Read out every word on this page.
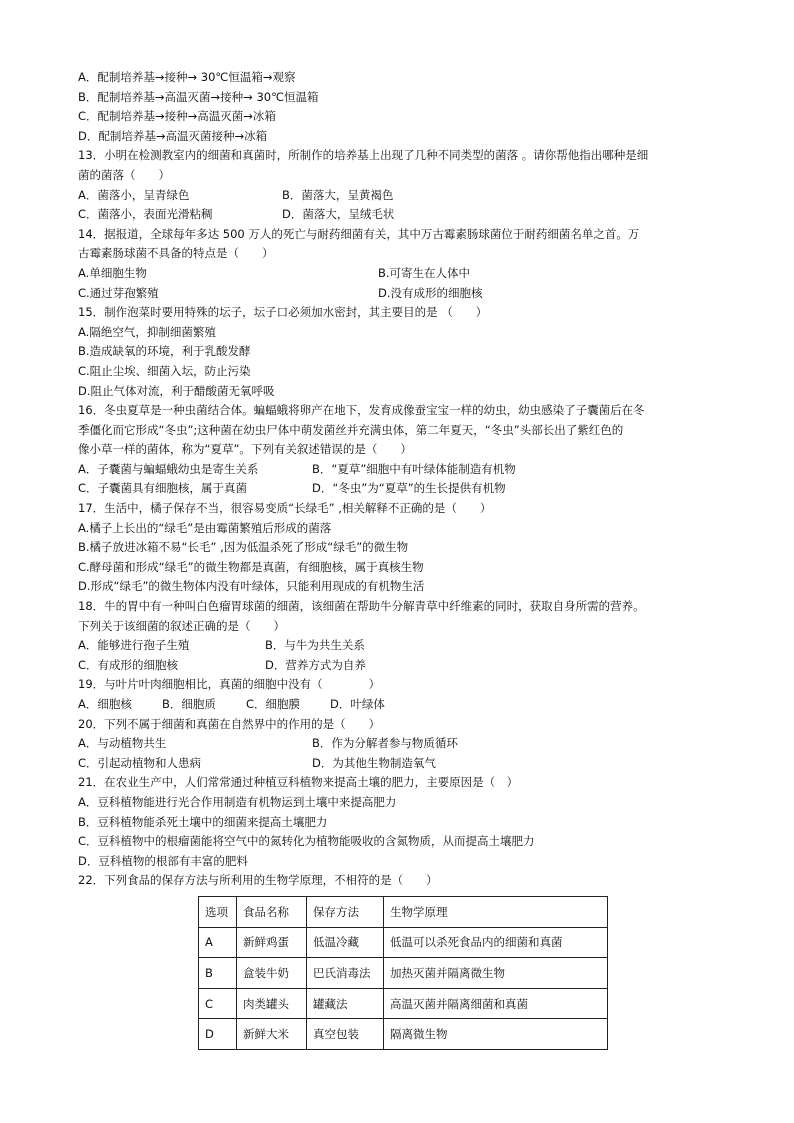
A．配制培养基→接种→ 30℃恒温箱→观察
B．配制培养基→高温灭菌→接种→ 30℃恒温箱
C．配制培养基→接种→高温灭菌→冰箱
D．配制培养基→高温灭菌接种→冰箱
13．小明在检测教室内的细菌和真菌时，所制作的培养基上出现了几种不同类型的菌落 。请你帮他指出哪种是细
菌的菌落（　　）
A．菌落小，呈青绿色	B．菌落大，呈黄褐色
C．菌落小，表面光滑粘稠	D．菌落大，呈绒毛状
14．据报道，全球每年多达 500 万人的死亡与耐药细菌有关，其中万古霉素肠球菌位于耐药细菌名单之首。万
古霉素肠球菌不具备的特点是（　　）
A.单细胞生物	B.可寄生在人体中
C.通过芽孢繁殖	D.没有成形的细胞核
15．制作泡菜时要用特殊的坛子，坛子口必须加水密封，其主要目的是 （　　）
A.隔绝空气，抑制细菌繁殖
B.造成缺氧的环境，利于乳酸发酵
C.阻止尘埃、细菌入坛，防止污染
D.阻止气体对流，利于醋酸菌无氧呼吸
16．冬虫夏草是一种虫菌结合体。蝙蝠蛾将卵产在地下，发育成像蚕宝宝一样的幼虫，幼虫感染了子囊菌后在冬
季僵化而它形成“冬虫”;这种菌在幼虫尸体中萌发菌丝并充满虫体，第二年夏天，“冬虫”头部长出了紫红色的
像小草一样的菌体，称为“夏草”。下列有关叙述错误的是（　　）
A．子囊菌与蝙蝠蛾幼虫是寄生关系	B．“夏草”细胞中有叶绿体能制造有机物
C．子囊菌具有细胞核，属于真菌	D．“冬虫”为“夏草”的生长提供有机物
17．生活中，橘子保存不当，很容易变质“长绿毛” ,相关解释不正确的是（　　）
A.橘子上长出的“绿毛”是由霉菌繁殖后形成的菌落
B.橘子放进冰箱不易“长毛” ,因为低温杀死了形成“绿毛”的微生物
C.酵母菌和形成“绿毛”的微生物都是真菌，有细胞核，属于真核生物
D.形成“绿毛”的微生物体内没有叶绿体，只能利用现成的有机物生活
18．牛的胃中有一种叫白色瘤胃球菌的细菌，该细菌在帮助牛分解青草中纤维素的同时，获取自身所需的营养。
下列关于该细菌的叙述正确的是（　　）
A．能够进行孢子生殖	B．与牛为共生关系
C．有成形的细胞核	D．营养方式为自养
19．与叶片叶肉细胞相比，真菌的细胞中没有（　　　　）
A．细胞核	B．细胞质	C．细胞膜	D．叶绿体
20．下列不属于细菌和真菌在自然界中的作用的是（　　）
A．与动植物共生	B．作为分解者参与物质循环
C．引起动植物和人患病	D．为其他生物制造氧气
21．在农业生产中，人们常常通过种植豆科植物来提高土壤的肥力，主要原因是（　）
A．豆科植物能进行光合作用制造有机物运到土壤中来提高肥力
B．豆科植物能杀死土壤中的细菌来提高土壤肥力
C．豆科植物中的根瘤菌能将空气中的氮转化为植物能吸收的含氮物质，从而提高土壤肥力
D．豆科植物的根部有丰富的肥料
22．下列食品的保存方法与所利用的生物学原理，不相符的是（　　）
选项	食品名称	保存方法	生物学原理
A	新鲜鸡蛋	低温冷藏	低温可以杀死食品内的细菌和真菌
B	盒装牛奶	巴氏消毒法	加热灭菌并隔离微生物
C	肉类罐头	罐藏法	高温灭菌并隔离细菌和真菌
D	新鲜大米	真空包装	隔离微生物
